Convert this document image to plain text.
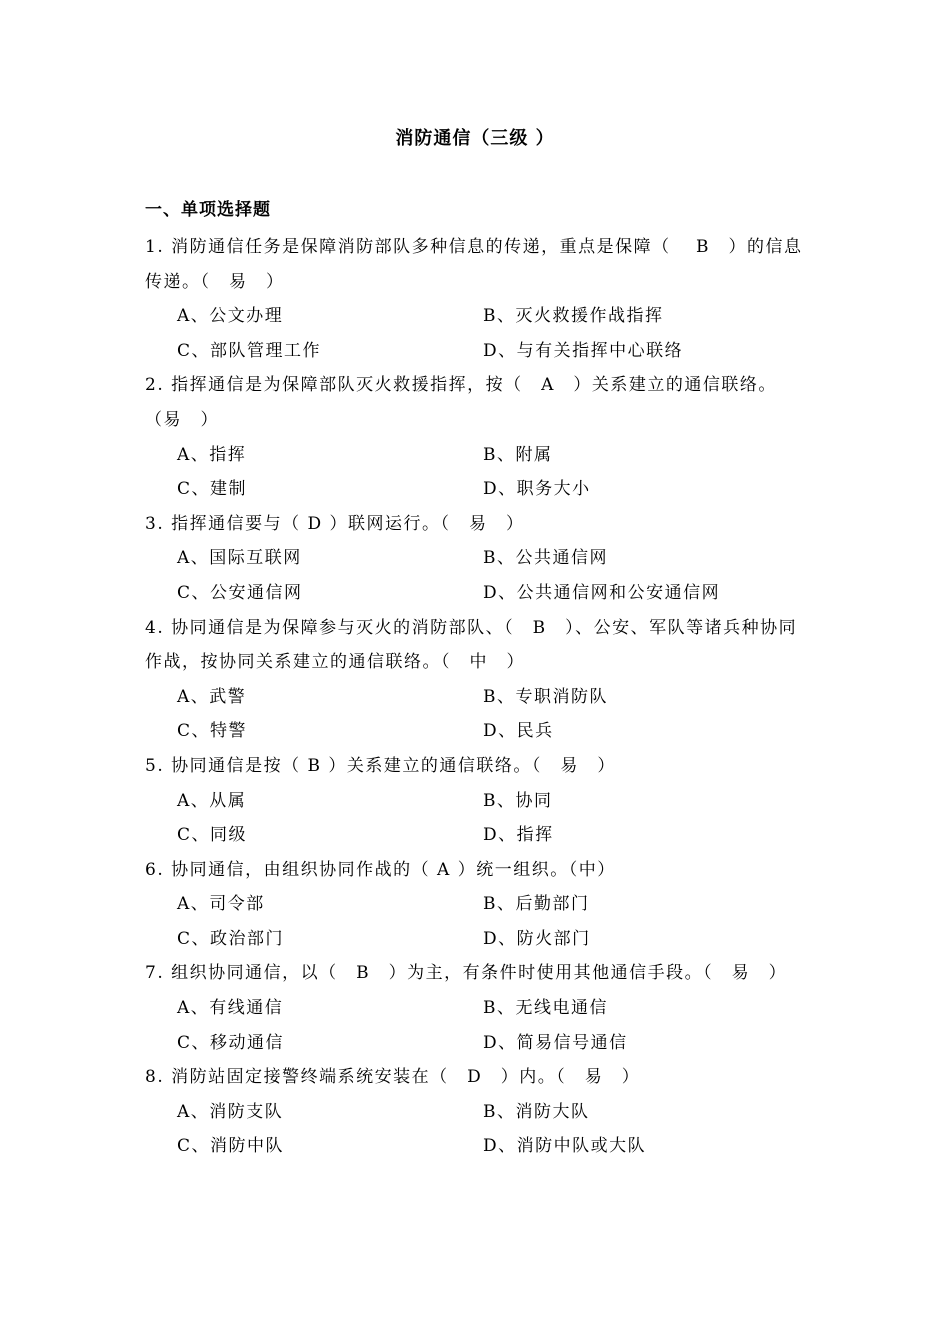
消防通信（三级 ）
一、单项选择题

1. 消防通信任务是保障消防部队多种信息的传递，重点是保障（　 B　）的信息传递。（　易　）

A、公文办理	B、灭火救援作战指挥
C、部队管理工作	D、与有关指挥中心联络

2. 指挥通信是为保障部队灭火救援指挥，按（　A　）关系建立的通信联络。（易　）

A、指挥	B、附属
C、建制	D、职务大小

3. 指挥通信要与（ D ）联网运行。（　易　）

A、国际互联网	B、公共通信网
C、公安通信网	D、公共通信网和公安通信网

4. 协同通信是为保障参与灭火的消防部队、（　B　）、公安、军队等诸兵种协同作战，按协同关系建立的通信联络。（　中　）

A、武警	B、专职消防队
C、特警	D、民兵

5. 协同通信是按（ B ）关系建立的通信联络。（　易　）

A、从属	B、协同
C、同级	D、指挥

6. 协同通信，由组织协同作战的（ A ）统一组织。（中）

A、司令部	B、后勤部门
C、政治部门	D、防火部门

7. 组织协同通信，以（　B　）为主，有条件时使用其他通信手段。（　易　）

A、有线通信	B、无线电通信
C、移动通信	D、简易信号通信

8. 消防站固定接警终端系统安装在（　D　）内。（　易　）

A、消防支队	B、消防大队
C、消防中队	D、消防中队或大队
